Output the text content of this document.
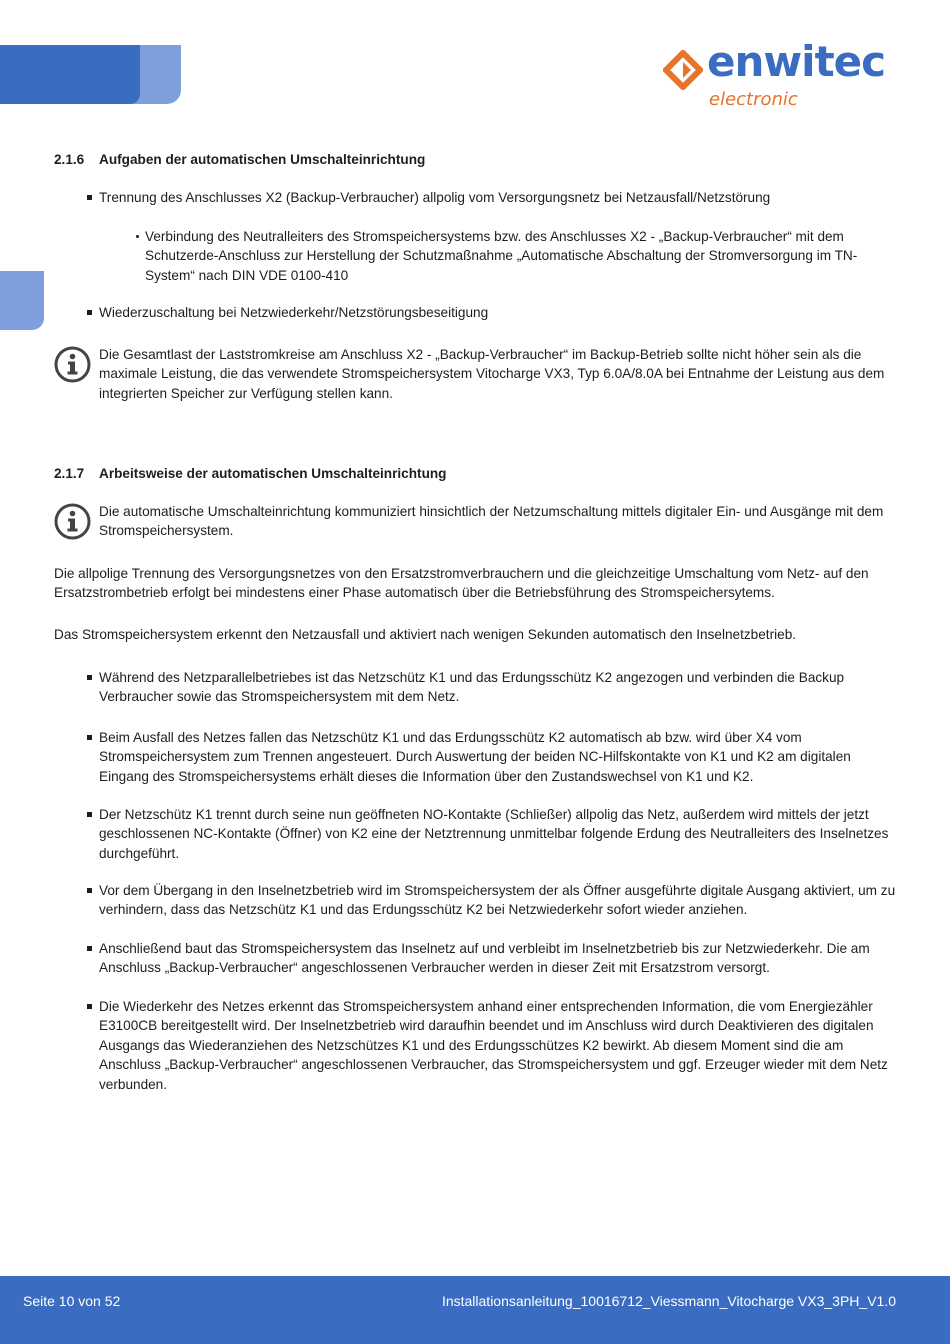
enwitec
electronic
2.1.6 Aufgaben der automatischen Umschalteinrichtung

Trennung des Anschlusses X2 (Backup-Verbraucher) allpolig vom Versorgungsnetz bei Netzausfall/Netzstörung

Verbindung des Neutralleiters des Stromspeichersystems bzw. des Anschlusses X2 - „Backup-Verbraucher“ mit dem Schutzerde-Anschluss zur Herstellung der Schutzmaßnahme „Automatische Abschaltung der Stromversorgung im TN-System“ nach DIN VDE 0100-410

Wiederzuschaltung bei Netzwiederkehr/Netzstörungsbeseitigung

Die Gesamtlast der Laststromkreise am Anschluss X2 - „Backup-Verbraucher“ im Backup-Betrieb sollte nicht höher sein als die maximale Leistung, die das verwendete Stromspeichersystem Vitocharge VX3, Typ 6.0A/8.0A bei Entnahme der Leistung aus dem integrierten Speicher zur Verfügung stellen kann.

2.1.7 Arbeitsweise der automatischen Umschalteinrichtung

Die automatische Umschalteinrichtung kommuniziert hinsichtlich der Netzumschaltung mittels digitaler Ein- und Ausgänge mit dem Stromspeichersystem.

Die allpolige Trennung des Versorgungsnetzes von den Ersatzstromverbrauchern und die gleichzeitige Umschaltung vom Netz- auf den Ersatzstrombetrieb erfolgt bei mindestens einer Phase automatisch über die Betriebsführung des Stromspeichersytems.

Das Stromspeichersystem erkennt den Netzausfall und aktiviert nach wenigen Sekunden automatisch den Inselnetzbetrieb.

Während des Netzparallelbetriebes ist das Netzschütz K1 und das Erdungsschütz K2 angezogen und verbinden die Backup Verbraucher sowie das Stromspeichersystem mit dem Netz.

Beim Ausfall des Netzes fallen das Netzschütz K1 und das Erdungsschütz K2 automatisch ab bzw. wird über X4 vom Stromspeichersystem zum Trennen angesteuert. Durch Auswertung der beiden NC-Hilfskontakte von K1 und K2 am digitalen Eingang des Stromspeichersystems erhält dieses die Information über den Zustandswechsel von K1 und K2.

Der Netzschütz K1 trennt durch seine nun geöffneten NO-Kontakte (Schließer) allpolig das Netz, außerdem wird mittels der jetzt geschlossenen NC-Kontakte (Öffner) von K2 eine der Netztrennung unmittelbar folgende Erdung des Neutralleiters des Inselnetzes durchgeführt.

Vor dem Übergang in den Inselnetzbetrieb wird im Stromspeichersystem der als Öffner ausgeführte digitale Ausgang aktiviert, um zu verhindern, dass das Netzschütz K1 und das Erdungsschütz K2 bei Netzwiederkehr sofort wieder anziehen.

Anschließend baut das Stromspeichersystem das Inselnetz auf und verbleibt im Inselnetzbetrieb bis zur Netzwiederkehr. Die am Anschluss „Backup-Verbraucher“ angeschlossenen Verbraucher werden in dieser Zeit mit Ersatzstrom versorgt.

Die Wiederkehr des Netzes erkennt das Stromspeichersystem anhand einer entsprechenden Information, die vom Energiezähler E3100CB bereitgestellt wird. Der Inselnetzbetrieb wird daraufhin beendet und im Anschluss wird durch Deaktivieren des digitalen Ausgangs das Wiederanziehen des Netzschützes K1 und des Erdungsschützes K2 bewirkt. Ab diesem Moment sind die am Anschluss „Backup-Verbraucher“ angeschlossenen Verbraucher, das Stromspeichersystem und ggf. Erzeuger wieder mit dem Netz verbunden.

Seite 10 von 52	Installationsanleitung_10016712_Viessmann_Vitocharge VX3_3PH_V1.0
